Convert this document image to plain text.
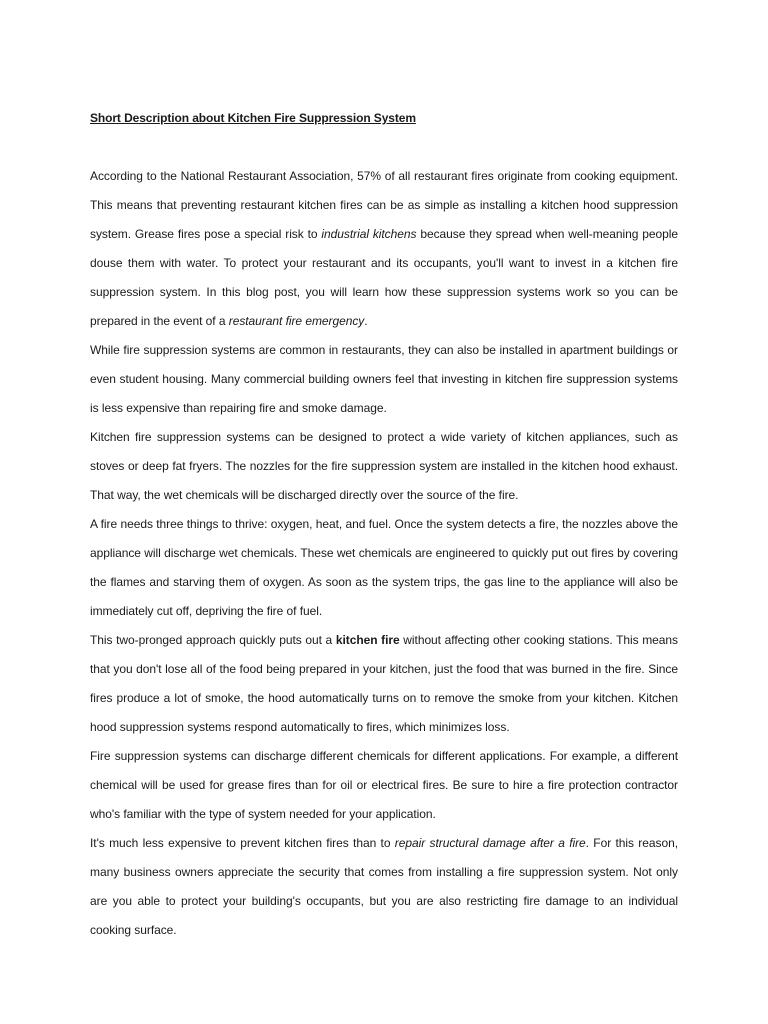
Short Description about Kitchen Fire Suppression System

According to the National Restaurant Association, 57% of all restaurant fires originate from cooking equipment. This means that preventing restaurant kitchen fires can be as simple as installing a kitchen hood suppression system. Grease fires pose a special risk to industrial kitchens because they spread when well-meaning people douse them with water. To protect your restaurant and its occupants, you'll want to invest in a kitchen fire suppression system. In this blog post, you will learn how these suppression systems work so you can be prepared in the event of a restaurant fire emergency.

While fire suppression systems are common in restaurants, they can also be installed in apartment buildings or even student housing. Many commercial building owners feel that investing in kitchen fire suppression systems is less expensive than repairing fire and smoke damage.

Kitchen fire suppression systems can be designed to protect a wide variety of kitchen appliances, such as stoves or deep fat fryers. The nozzles for the fire suppression system are installed in the kitchen hood exhaust. That way, the wet chemicals will be discharged directly over the source of the fire.

A fire needs three things to thrive: oxygen, heat, and fuel. Once the system detects a fire, the nozzles above the appliance will discharge wet chemicals. These wet chemicals are engineered to quickly put out fires by covering the flames and starving them of oxygen. As soon as the system trips, the gas line to the appliance will also be immediately cut off, depriving the fire of fuel.

This two-pronged approach quickly puts out a kitchen fire without affecting other cooking stations. This means that you don't lose all of the food being prepared in your kitchen, just the food that was burned in the fire. Since fires produce a lot of smoke, the hood automatically turns on to remove the smoke from your kitchen. Kitchen hood suppression systems respond automatically to fires, which minimizes loss.

Fire suppression systems can discharge different chemicals for different applications. For example, a different chemical will be used for grease fires than for oil or electrical fires. Be sure to hire a fire protection contractor who's familiar with the type of system needed for your application.

It's much less expensive to prevent kitchen fires than to repair structural damage after a fire. For this reason, many business owners appreciate the security that comes from installing a fire suppression system. Not only are you able to protect your building's occupants, but you are also restricting fire damage to an individual cooking surface.
